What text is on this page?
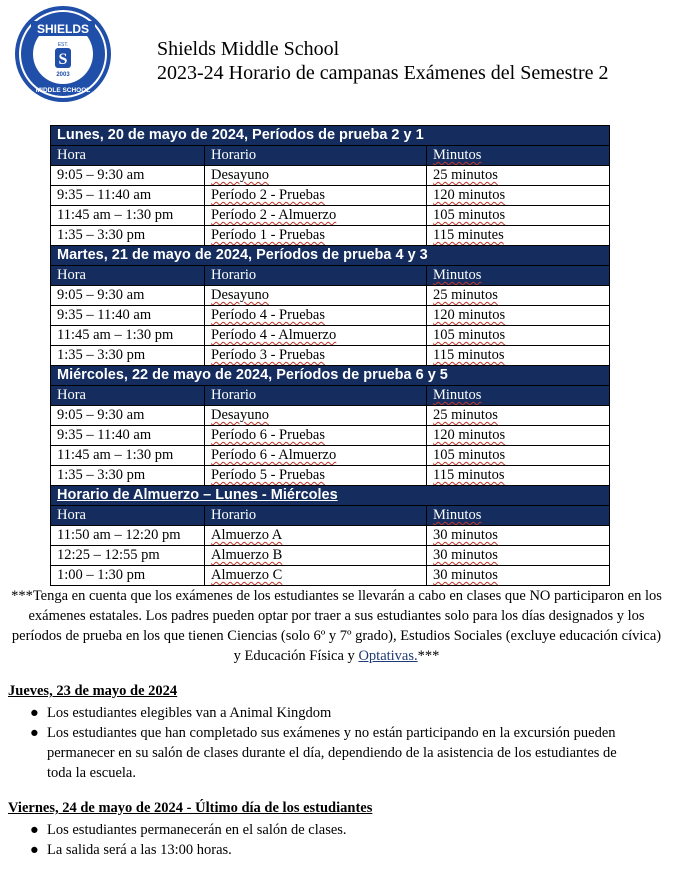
SHIELDS
EST.
S
2003
MIDDLE SCHOOL
Shields Middle School
2023-24 Horario de campanas Exámenes del Semestre 2
Lunes, 20 de mayo de 2024, Períodos de prueba 2 y 1		
Hora	Horario	Minutos
9:05 – 9:30 am	Desayuno	25 minutos
9:35 – 11:40 am	Período 2 - Pruebas	120 minutos
11:45 am – 1:30 pm	Período 2 - Almuerzo	105 minutos
1:35 – 3:30 pm	Período 1 - Pruebas	115 minutes
Martes, 21 de mayo de 2024, Períodos de prueba 4 y 3		
Hora	Horario	Minutos
9:05 – 9:30 am	Desayuno	25 minutos
9:35 – 11:40 am	Período 4 - Pruebas	120 minutos
11:45 am – 1:30 pm	Período 4 - Almuerzo	105 minutos
1:35 – 3:30 pm	Período 3 - Pruebas	115 minutos
Miércoles, 22 de mayo de 2024, Períodos de prueba 6 y 5		
Hora	Horario	Minutos
9:05 – 9:30 am	Desayuno	25 minutos
9:35 – 11:40 am	Período 6 - Pruebas	120 minutos
11:45 am – 1:30 pm	Período 6 - Almuerzo	105 minutos
1:35 – 3:30 pm	Período 5 - Pruebas	115 minutos
Horario de Almuerzo – Lunes - Miércoles		
Hora	Horario	Minutos
11:50 am – 12:20 pm	Almuerzo A	30 minutos
12:25 – 12:55 pm	Almuerzo B	30 minutos
1:00 – 1:30 pm	Almuerzo C	30 minutos
***Tenga en cuenta que los exámenes de los estudiantes se llevarán a cabo en clases que NO participaron en los exámenes estatales. Los padres pueden optar por traer a sus estudiantes solo para los días designados y los períodos de prueba en los que tienen Ciencias (solo 6º y 7º grado), Estudios Sociales (excluye educación cívica) y Educación Física y Optativas.***
Jueves, 23 de mayo de 2024
● Los estudiantes elegibles van a Animal Kingdom
● Los estudiantes que han completado sus exámenes y no están participando en la excursión pueden permanecer en su salón de clases durante el día, dependiendo de la asistencia de los estudiantes de toda la escuela.
Viernes, 24 de mayo de 2024 - Último día de los estudiantes
● Los estudiantes permanecerán en el salón de clases.
● La salida será a las 13:00 horas.
